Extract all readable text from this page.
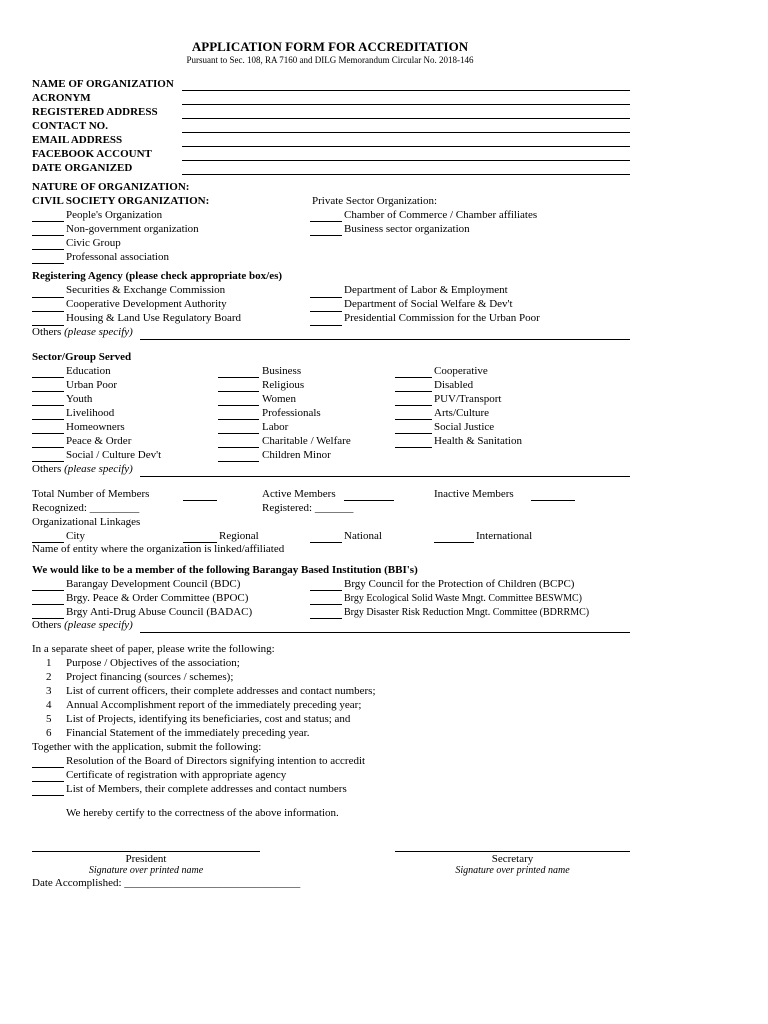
APPLICATION FORM FOR ACCREDITATION
Pursuant to Sec. 108, RA 7160 and DILG Memorandum Circular No. 2018-146
NAME OF ORGANIZATION
ACRONYM
REGISTERED ADDRESS
CONTACT NO.
EMAIL ADDRESS
FACEBOOK ACCOUNT
DATE ORGANIZED
NATURE OF ORGANIZATION:
CIVIL SOCIETY ORGANIZATION:	Private Sector Organization:
People's Organization
Non-government organization
Civic Group
Professonal association
Chamber of Commerce / Chamber affiliates
Business sector organization
Registering Agency (please check appropriate box/es)
Securities & Exchange Commission
Cooperative Development Authority
Housing & Land Use Regulatory Board
Department of Labor & Employment
Department of Social Welfare & Dev't
Presidential Commission for the Urban Poor
Others (please specify)
Sector/Group Served
Education
Urban Poor
Youth
Livelihood
Homeowners
Peace & Order
Social / Culture Dev't
Business
Religious
Women
Professionals
Labor
Charitable / Welfare
Children Minor
Cooperative
Disabled
PUV/Transport
Arts/Culture
Social Justice
Health & Sanitation
Others (please specify)
Total Number of Members	Active Members	Inactive Members
Recognized: _________	Registered: _______
Organizational Linkages
City	Regional	National	International
Name of entity where the organization is linked/affiliated
We would like to be a member of the following Barangay Based Institution (BBI's)
Barangay Development Council (BDC)
Brgy. Peace & Order Committee (BPOC)
Brgy Anti-Drug Abuse Council (BADAC)
Brgy Council for the Protection of Children (BCPC)
Brgy Ecological Solid Waste Mngt. Committee BESWMC)
Brgy Disaster Risk Reduction Mngt. Committee (BDRRMC)
Others (please specify)
In a separate sheet of paper, please write the following:
1 Purpose / Objectives of the association;
2 Project financing (sources / schemes);
3 List of current officers, their complete addresses and contact numbers;
4 Annual Accomplishment report of the immediately preceding year;
5 List of Projects, identifying its beneficiaries, cost and status; and
6 Financial Statement of the immediately preceding year.
Together with the application, submit the following:
Resolution of the Board of Directors signifying intention to accredit
Certificate of registration with appropriate agency
List of Members, their complete addresses and contact numbers
We hereby certify to the correctness of the above information.
President
Signature over printed name
Secretary
Signature over printed name
Date Accomplished: ________________________________
